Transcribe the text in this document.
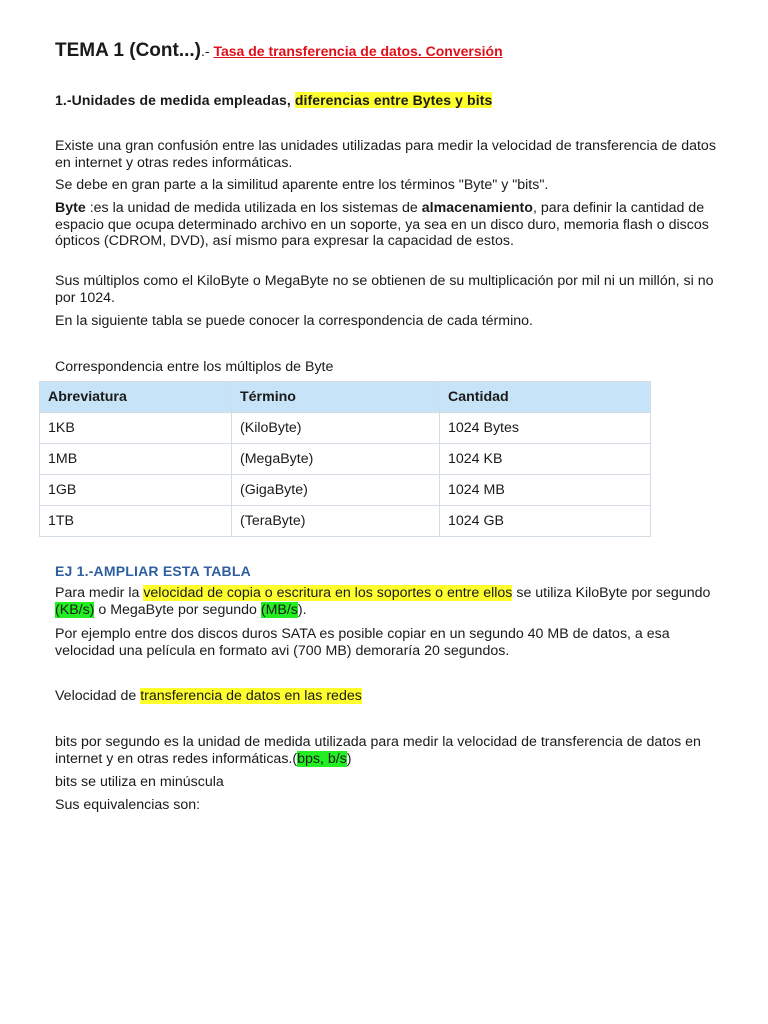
TEMA 1 (Cont...).- Tasa de transferencia de datos. Conversión
1.-Unidades de medida empleadas, diferencias entre Bytes y bits
Existe una gran confusión entre las unidades utilizadas para medir la velocidad de transferencia de datos en internet y otras redes informáticas.
Se debe en gran parte a la similitud aparente entre los términos "Byte" y "bits".
Byte :es la unidad de medida utilizada en los sistemas de almacenamiento, para definir la cantidad de espacio que ocupa determinado archivo en un soporte, ya sea en un disco duro, memoria flash o discos ópticos (CDROM, DVD), así mismo para expresar la capacidad de estos.
Sus múltiplos como el KiloByte o MegaByte no se obtienen de su multiplicación por mil ni un millón, si no por 1024.
En la siguiente tabla se puede conocer la correspondencia de cada término.
Correspondencia entre los múltiplos de Byte
Abreviatura	Término	Cantidad
1KB	(KiloByte)	1024 Bytes
1MB	(MegaByte)	1024 KB
1GB	(GigaByte)	1024 MB
1TB	(TeraByte)	1024 GB
EJ 1.-AMPLIAR ESTA TABLA
Para medir la velocidad de copia o escritura en los soportes o entre ellos se utiliza KiloByte por segundo (KB/s) o MegaByte por segundo (MB/s).
Por ejemplo entre dos discos duros SATA es posible copiar en un segundo 40 MB de datos, a esa velocidad una película en formato avi (700 MB) demoraría 20 segundos.
Velocidad de transferencia de datos en las redes
bits por segundo es la unidad de medida utilizada para medir la velocidad de transferencia de datos en internet y en otras redes informáticas.(bps, b/s)
bits se utiliza en minúscula
Sus equivalencias son:
